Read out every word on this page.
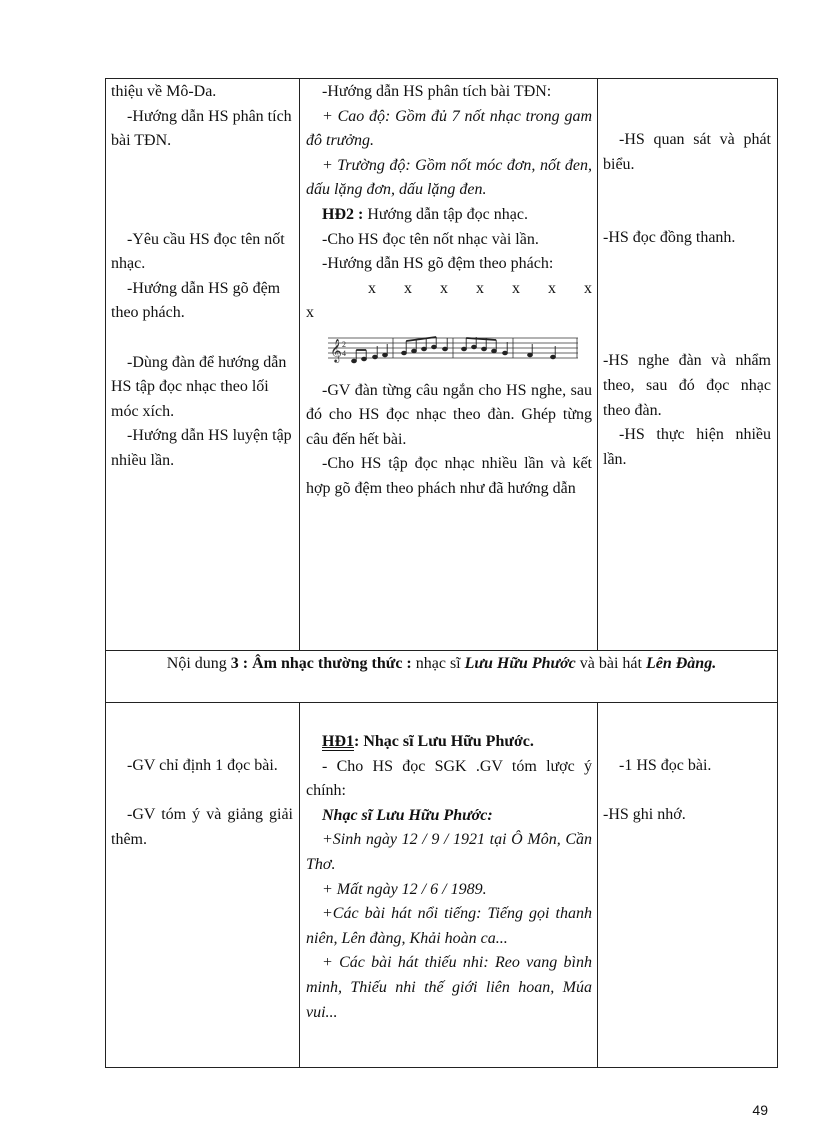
thiệu về Mô-Da.

-Hướng dẫn HS phân tích bài TĐN.

-Yêu cầu HS đọc tên nốt nhạc.

-Hướng dẫn HS gõ đệm theo phách.

-Dùng đàn để hướng dẫn HS tập đọc nhạc theo lối móc xích.

-Hướng dẫn HS luyện tập nhiều lần.

-Hướng dẫn HS phân tích bài TĐN:

+ Cao độ: Gồm đủ 7 nốt nhạc trong gam đô trưởng.

+ Trường độ: Gồm nốt móc đơn, nốt đen, dấu lặng đơn, dấu lặng đen.

HĐ2 : Hướng dẫn tập đọc nhạc.

-Cho HS đọc tên nốt nhạc vài lần.

-Hướng dẫn HS gõ đệm theo phách:

x x x x x x x

x

𝄞 2
4

-GV đàn từng câu ngắn cho HS nghe, sau đó cho HS đọc nhạc theo đàn. Ghép từng câu đến hết bài.

-Cho HS tập đọc nhạc nhiều lần và kết hợp gõ đệm theo phách như đã hướng dẫn

-HS quan sát và phát biểu.

-HS đọc đồng thanh.

-HS nghe đàn và nhẩm theo, sau đó đọc nhạc theo đàn.

-HS thực hiện nhiều lần.

Nội dung 3 : Âm nhạc thường thức : nhạc sĩ Lưu Hữu Phước và bài hát Lên Đàng.

-GV chỉ định 1 đọc bài.

-GV tóm ý và giảng giải thêm.

HĐ1: Nhạc sĩ Lưu Hữu Phước.

- Cho HS đọc SGK .GV tóm lược ý chính:

Nhạc sĩ Lưu Hữu Phước:

+Sinh ngày 12 / 9 / 1921 tại Ô Môn, Cần Thơ.

+ Mất ngày 12 / 6 / 1989.

+Các bài hát nổi tiếng: Tiếng gọi thanh niên, Lên đàng, Khải hoàn ca...

+ Các bài hát thiếu nhi: Reo vang bình minh, Thiếu nhi thế giới liên hoan, Múa vui...

-1 HS đọc bài.

-HS ghi nhớ.

49
